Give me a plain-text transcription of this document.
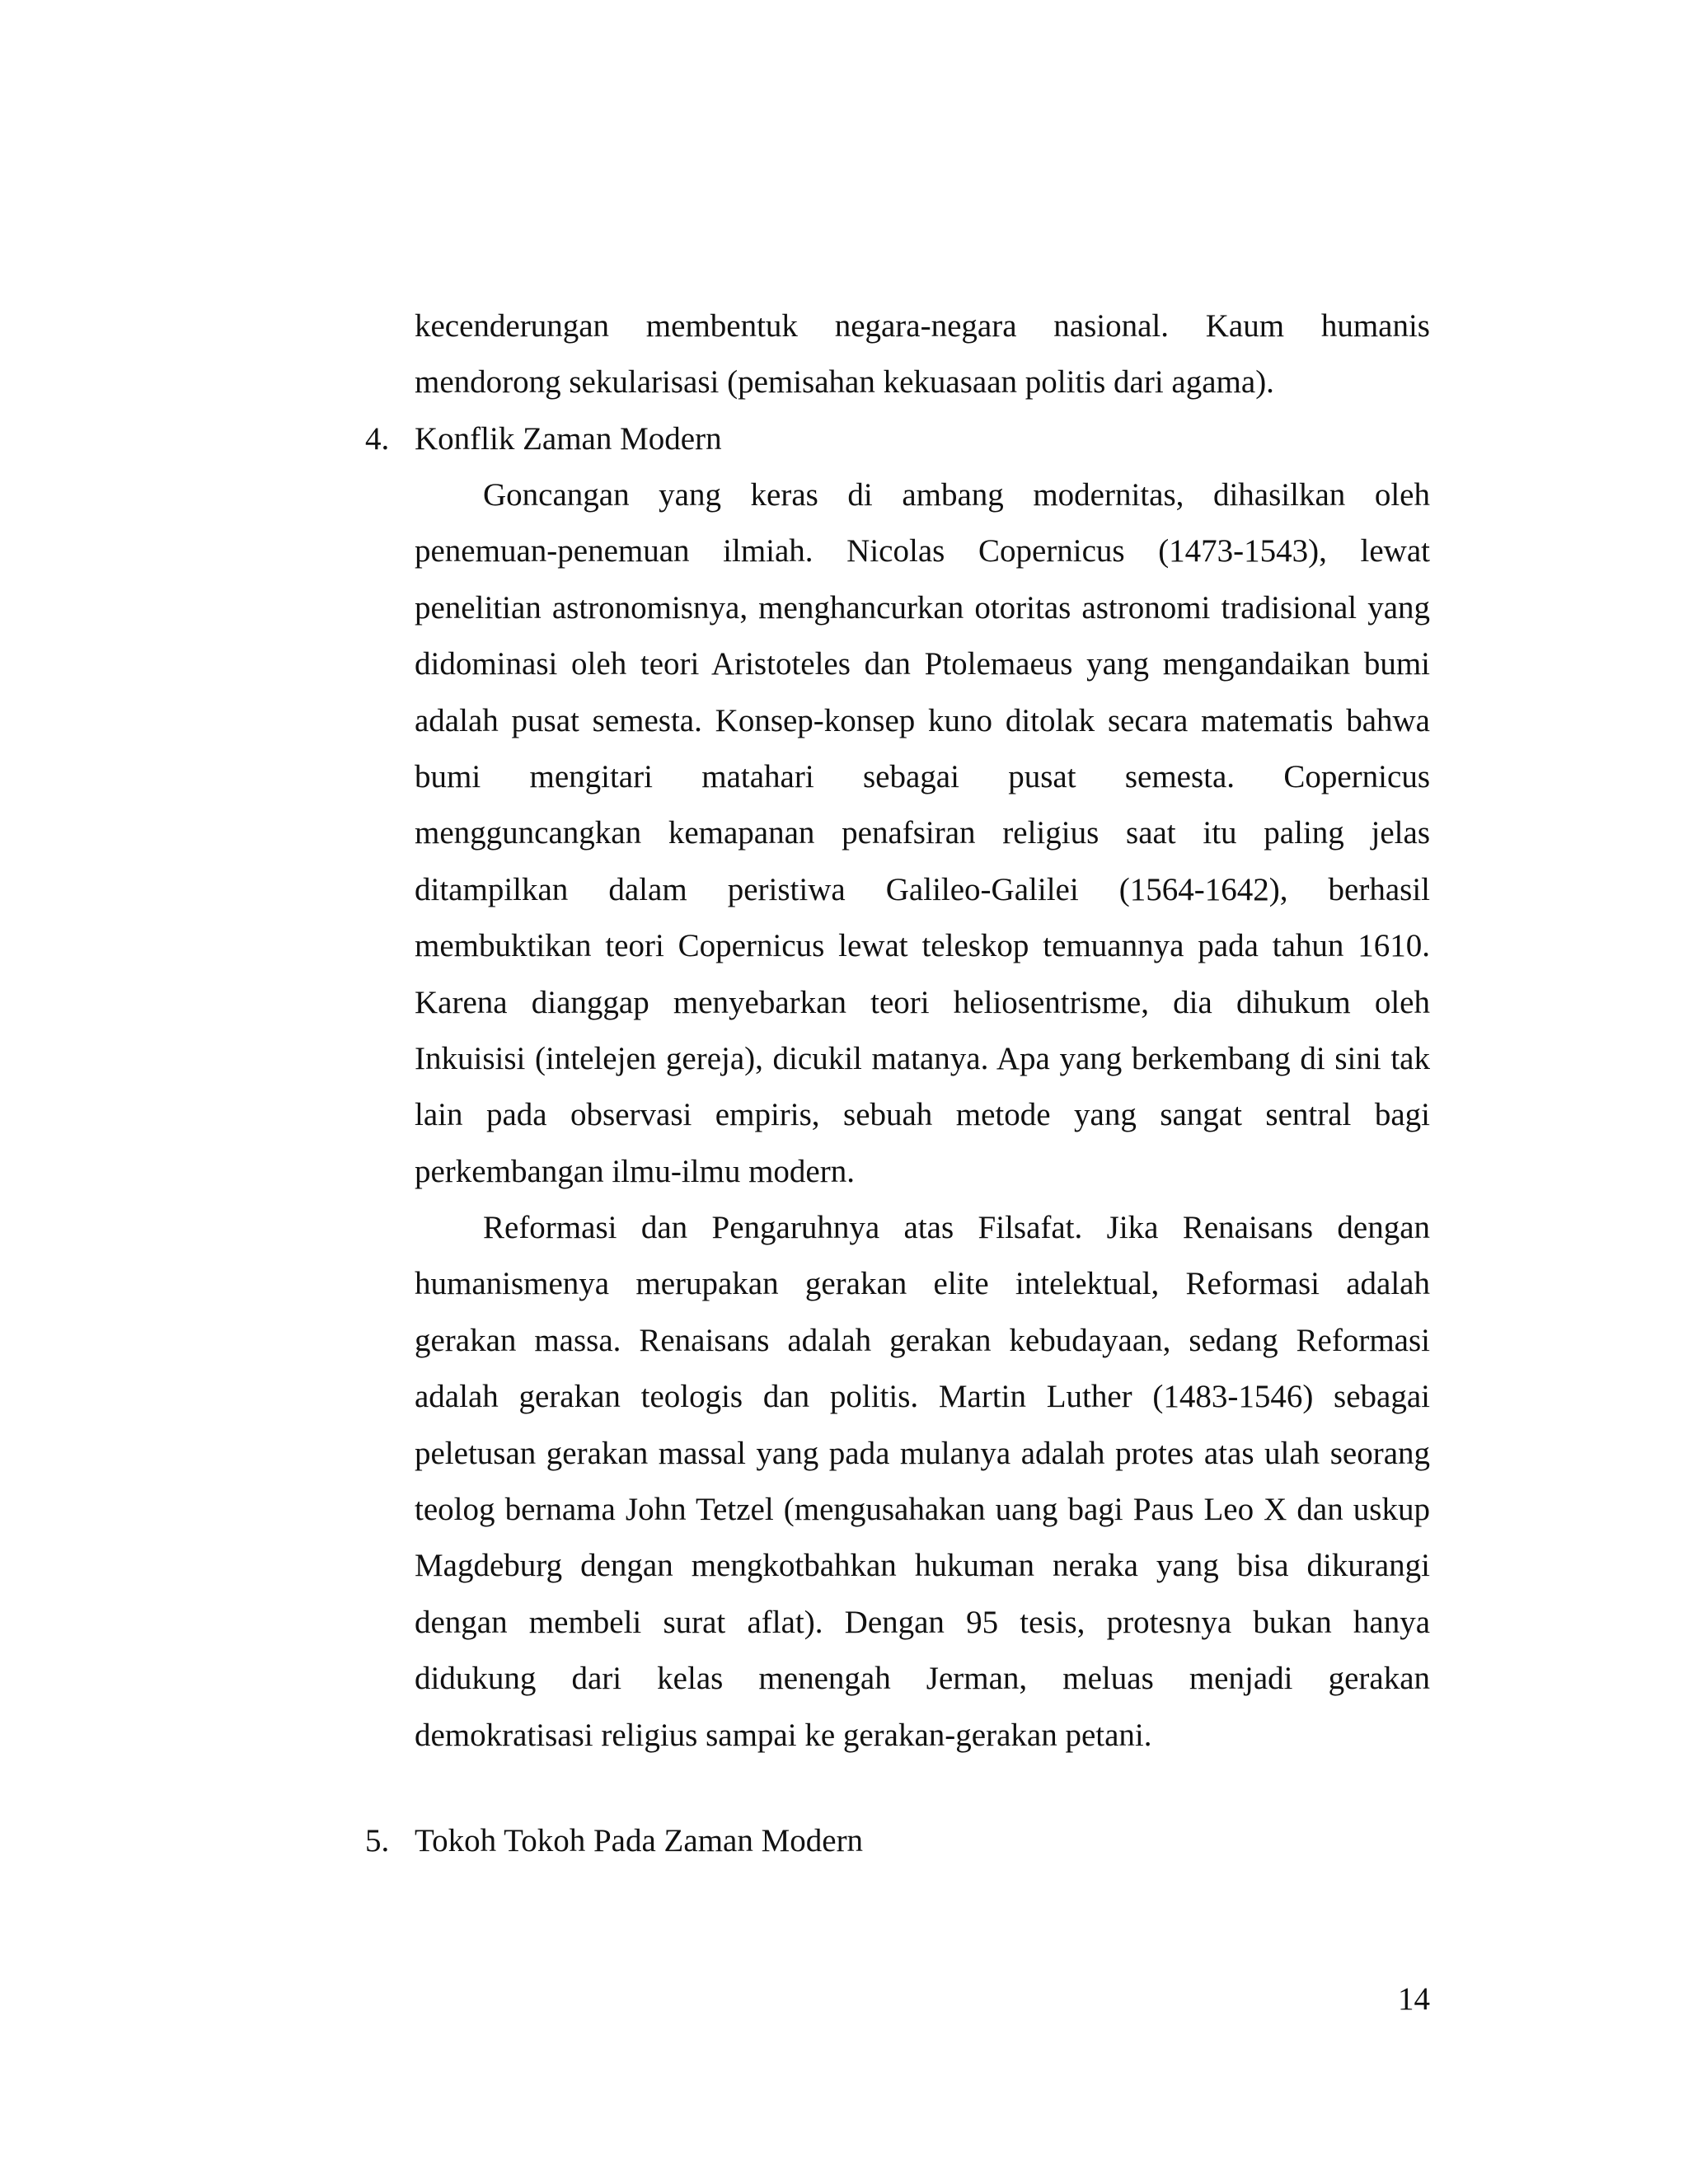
kecenderungan membentuk negara-negara nasional. Kaum humanis
mendorong sekularisasi (pemisahan kekuasaan politis dari agama).
4. Konflik Zaman Modern
Goncangan yang keras di ambang modernitas, dihasilkan oleh
penemuan-penemuan ilmiah. Nicolas Copernicus (1473-1543), lewat
penelitian astronomisnya, menghancurkan otoritas astronomi tradisional yang
didominasi oleh teori Aristoteles dan Ptolemaeus yang mengandaikan bumi
adalah pusat semesta. Konsep-konsep kuno ditolak secara matematis bahwa
bumi mengitari matahari sebagai pusat semesta. Copernicus
mengguncangkan kemapanan penafsiran religius saat itu paling jelas
ditampilkan dalam peristiwa Galileo-Galilei (1564-1642), berhasil
membuktikan teori Copernicus lewat teleskop temuannya pada tahun 1610.
Karena dianggap menyebarkan teori heliosentrisme, dia dihukum oleh
Inkuisisi (intelejen gereja), dicukil matanya. Apa yang berkembang di sini tak
lain pada observasi empiris, sebuah metode yang sangat sentral bagi
perkembangan ilmu-ilmu modern.
Reformasi dan Pengaruhnya atas Filsafat. Jika Renaisans dengan
humanismenya merupakan gerakan elite intelektual, Reformasi adalah
gerakan massa. Renaisans adalah gerakan kebudayaan, sedang Reformasi
adalah gerakan teologis dan politis. Martin Luther (1483-1546) sebagai
peletusan gerakan massal yang pada mulanya adalah protes atas ulah seorang
teolog bernama John Tetzel (mengusahakan uang bagi Paus Leo X dan uskup
Magdeburg dengan mengkotbahkan hukuman neraka yang bisa dikurangi
dengan membeli surat aflat). Dengan 95 tesis, protesnya bukan hanya
didukung dari kelas menengah Jerman, meluas menjadi gerakan
demokratisasi religius sampai ke gerakan-gerakan petani.
5. Tokoh Tokoh Pada Zaman Modern
14
